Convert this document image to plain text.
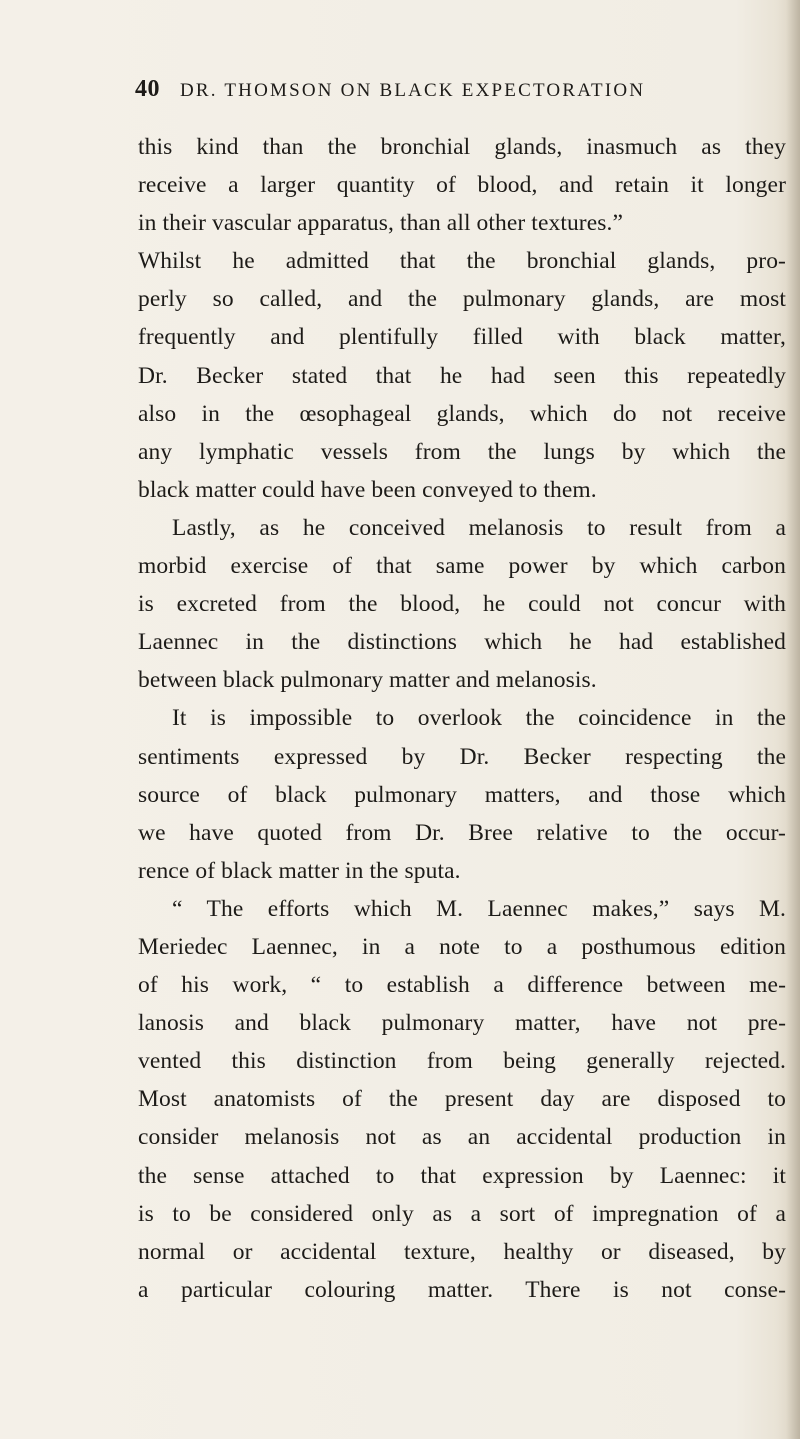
40 DR. THOMSON ON BLACK EXPECTORATION
this kind than the bronchial glands, inasmuch as they
receive a larger quantity of blood, and retain it longer
in their vascular apparatus, than all other textures.”
Whilst he admitted that the bronchial glands, pro-
perly so called, and the pulmonary glands, are most
frequently and plentifully filled with black matter,
Dr. Becker stated that he had seen this repeatedly
also in the œsophageal glands, which do not receive
any lymphatic vessels from the lungs by which the
black matter could have been conveyed to them.
Lastly, as he conceived melanosis to result from a
morbid exercise of that same power by which carbon
is excreted from the blood, he could not concur with
Laennec in the distinctions which he had established
between black pulmonary matter and melanosis.
It is impossible to overlook the coincidence in the
sentiments expressed by Dr. Becker respecting the
source of black pulmonary matters, and those which
we have quoted from Dr. Bree relative to the occur-
rence of black matter in the sputa.
“ The efforts which M. Laennec makes,” says M.
Meriedec Laennec, in a note to a posthumous edition
of his work, “ to establish a difference between me-
lanosis and black pulmonary matter, have not pre-
vented this distinction from being generally rejected.
Most anatomists of the present day are disposed to
consider melanosis not as an accidental production in
the sense attached to that expression by Laennec: it
is to be considered only as a sort of impregnation of a
normal or accidental texture, healthy or diseased, by
a particular colouring matter. There is not conse-
